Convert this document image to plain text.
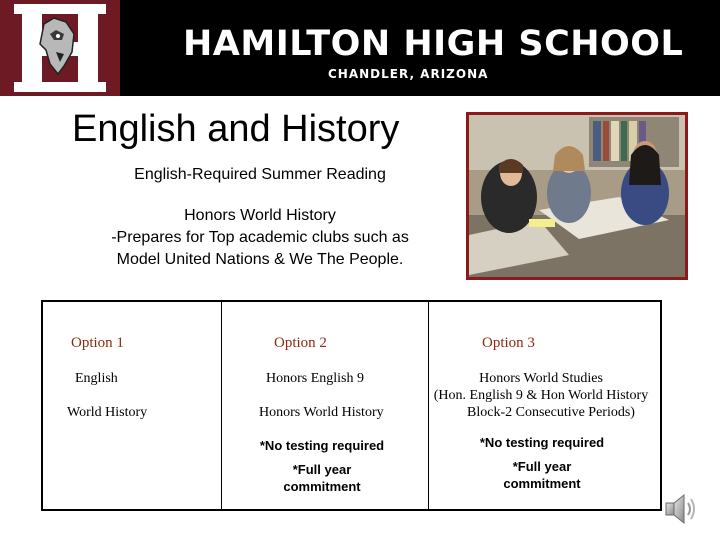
HAMILTON HIGH SCHOOL
CHANDLER, ARIZONA
English and History
English-Required Summer Reading
Honors World History
-Prepares for Top academic clubs such as
Model United Nations & We The People.
Option 1
English
World History
Option 2
Honors English 9
Honors World History
*No testing required
*Full year
commitment
Option 3
Honors World Studies
(Hon. English 9 & Hon World History
Block-2 Consecutive Periods)
*No testing required
*Full year
commitment
